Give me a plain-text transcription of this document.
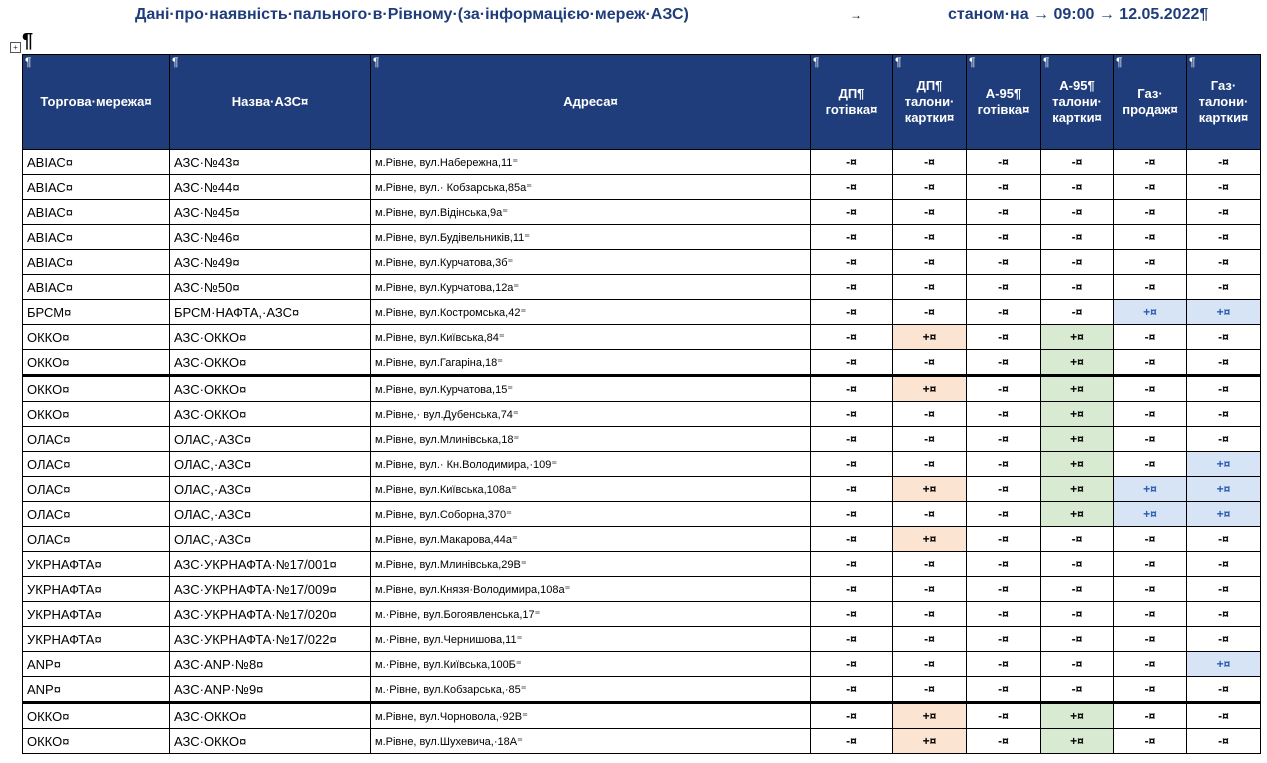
Дані·про·наявність·пального·в·Рівному·(за·інформацією·мереж·АЗС)	→	станом·на → 09:00 → 12.05.2022¶
+ ¶
¶
Торгова·мережа¤	¶
Назва·АЗС¤	¶
Адреса¤	¶
ДП¶
готівка¤	¶
ДП¶
талони·
картки¤	¶
А-95¶
готівка¤	¶
А-95¶
талони·
картки¤	¶
Газ·
продаж¤	¶
Газ·
талони·
картки¤
АВІАС¤	АЗС·№43¤	м.Рівне, вул.Набережна,11⁼	-¤	-¤	-¤	-¤	-¤	-¤
АВІАС¤	АЗС·№44¤	м.Рівне, вул.· Кобзарська,85а⁼	-¤	-¤	-¤	-¤	-¤	-¤
АВІАС¤	АЗС·№45¤	м.Рівне, вул.Відінська,9а⁼	-¤	-¤	-¤	-¤	-¤	-¤
АВІАС¤	АЗС·№46¤	м.Рівне, вул.Будівельників,11⁼	-¤	-¤	-¤	-¤	-¤	-¤
АВІАС¤	АЗС·№49¤	м.Рівне, вул.Курчатова,3б⁼	-¤	-¤	-¤	-¤	-¤	-¤
АВІАС¤	АЗС·№50¤	м.Рівне, вул.Курчатова,12а⁼	-¤	-¤	-¤	-¤	-¤	-¤
БРСМ¤	БРСМ·НАФТА,·АЗС¤	м.Рівне, вул.Костромська,42⁼	-¤	-¤	-¤	-¤	+¤	+¤
ОККО¤	АЗС·ОККО¤	м.Рівне, вул.Київська,84⁼	-¤	+¤	-¤	+¤	-¤	-¤
ОККО¤	АЗС·ОККО¤	м.Рівне, вул.Гагаріна,18⁼	-¤	-¤	-¤	+¤	-¤	-¤
ОККО¤	АЗС·ОККО¤	м.Рівне, вул.Курчатова,15⁼	-¤	+¤	-¤	+¤	-¤	-¤
ОККО¤	АЗС·ОККО¤	м.Рівне,· вул.Дубенська,74⁼	-¤	-¤	-¤	+¤	-¤	-¤
ОЛАС¤	ОЛАС,·АЗС¤	м.Рівне, вул.Млинівська,18⁼	-¤	-¤	-¤	+¤	-¤	-¤
ОЛАС¤	ОЛАС,·АЗС¤	м.Рівне, вул.· Кн.Володимира,·109⁼	-¤	-¤	-¤	+¤	-¤	+¤
ОЛАС¤	ОЛАС,·АЗС¤	м.Рівне, вул.Київська,108а⁼	-¤	+¤	-¤	+¤	+¤	+¤
ОЛАС¤	ОЛАС,·АЗС¤	м.Рівне, вул.Соборна,370⁼	-¤	-¤	-¤	+¤	+¤	+¤
ОЛАС¤	ОЛАС,·АЗС¤	м.Рівне, вул.Макарова,44а⁼	-¤	+¤	-¤	-¤	-¤	-¤
УКРНАФТА¤	АЗС·УКРНАФТА·№17/001¤	м.Рівне, вул.Млинівська,29В⁼	-¤	-¤	-¤	-¤	-¤	-¤
УКРНАФТА¤	АЗС·УКРНАФТА·№17/009¤	м.Рівне, вул.Князя·Володимира,108а⁼	-¤	-¤	-¤	-¤	-¤	-¤
УКРНАФТА¤	АЗС·УКРНАФТА·№17/020¤	м.·Рівне, вул.Богоявленська,17⁼	-¤	-¤	-¤	-¤	-¤	-¤
УКРНАФТА¤	АЗС·УКРНАФТА·№17/022¤	м.·Рівне, вул.Чернишова,11⁼	-¤	-¤	-¤	-¤	-¤	-¤
ANP¤	АЗС·ANP·№8¤	м.·Рівне, вул.Київська,100Б⁼	-¤	-¤	-¤	-¤	-¤	+¤
ANP¤	АЗС·ANP·№9¤	м.·Рівне, вул.Кобзарська,·85⁼	-¤	-¤	-¤	-¤	-¤	-¤
ОККО¤	АЗС·ОККО¤	м.Рівне, вул.Чорновола,·92В⁼	-¤	+¤	-¤	+¤	-¤	-¤
ОККО¤	АЗС·ОККО¤	м.Рівне, вул.Шухевича,·18А⁼	-¤	+¤	-¤	+¤	-¤	-¤
